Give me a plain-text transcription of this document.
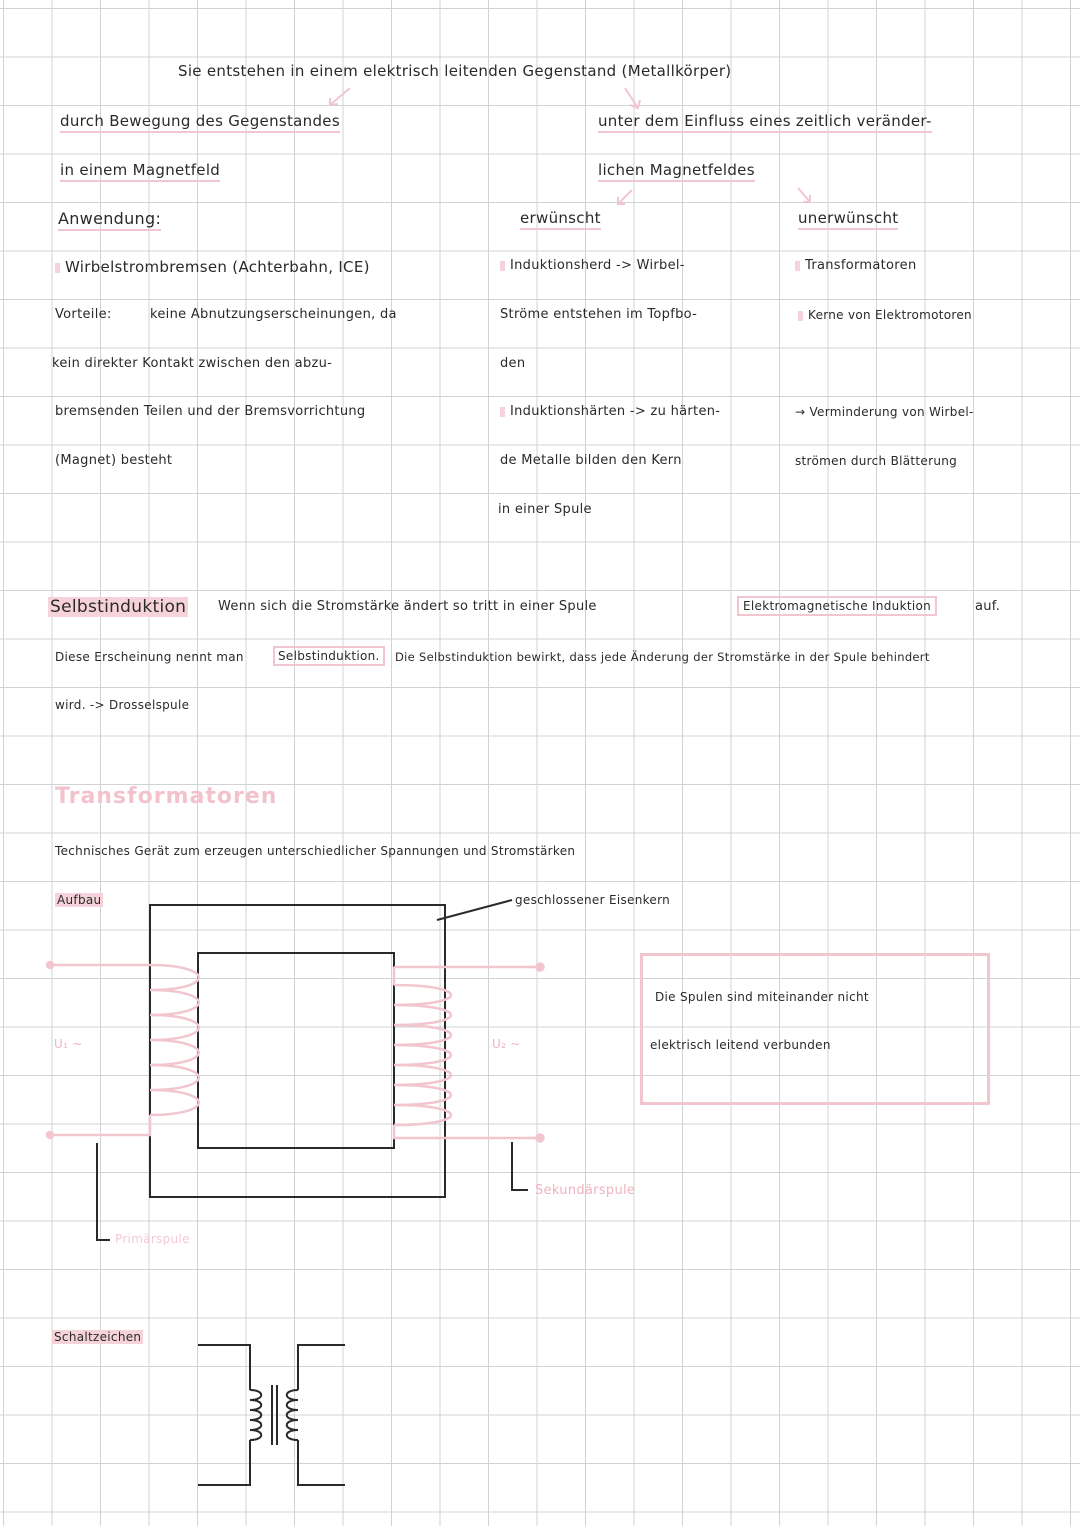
Sie entstehen in einem elektrisch leitenden Gegenstand (Metallkörper)
durch Bewegung des Gegenstandes
in einem Magnetfeld
Anwendung:
Wirbelstrombremsen (Achterbahn, ICE)
Vorteile:	keine Abnutzungserscheinungen, da
kein direkter Kontakt zwischen den abzu-
bremsenden Teilen und der Bremsvorrichtung
(Magnet) besteht
unter dem Einfluss eines zeitlich veränder-
lichen Magnetfeldes
erwünscht
Induktionsherd -> Wirbel-
Ströme entstehen im Topfbo-
den
Induktionshärten -> zu härten-
de Metalle bilden den Kern
in einer Spule
unerwünscht
Transformatoren
Kerne von Elektromotoren
→ Verminderung von Wirbel-
strömen durch Blätterung
Selbstinduktion Wenn sich die Stromstärke ändert so tritt in einer Spule	Elektromagnetische Induktion	auf.
Diese Erscheinung nennt man	Selbstinduktion.	Die Selbstinduktion bewirkt, dass jede Änderung der Stromstärke in der Spule behindert
wird. -> Drosselspule
Transformatoren
Technisches Gerät zum erzeugen unterschiedlicher Spannungen und Stromstärken
Aufbau	geschlossener Eisenkern
U₁ ~	U₂ ~
Sekundärspule
Primärspule
Die Spulen sind miteinander nicht
elektrisch leitend verbunden
Schaltzeichen
